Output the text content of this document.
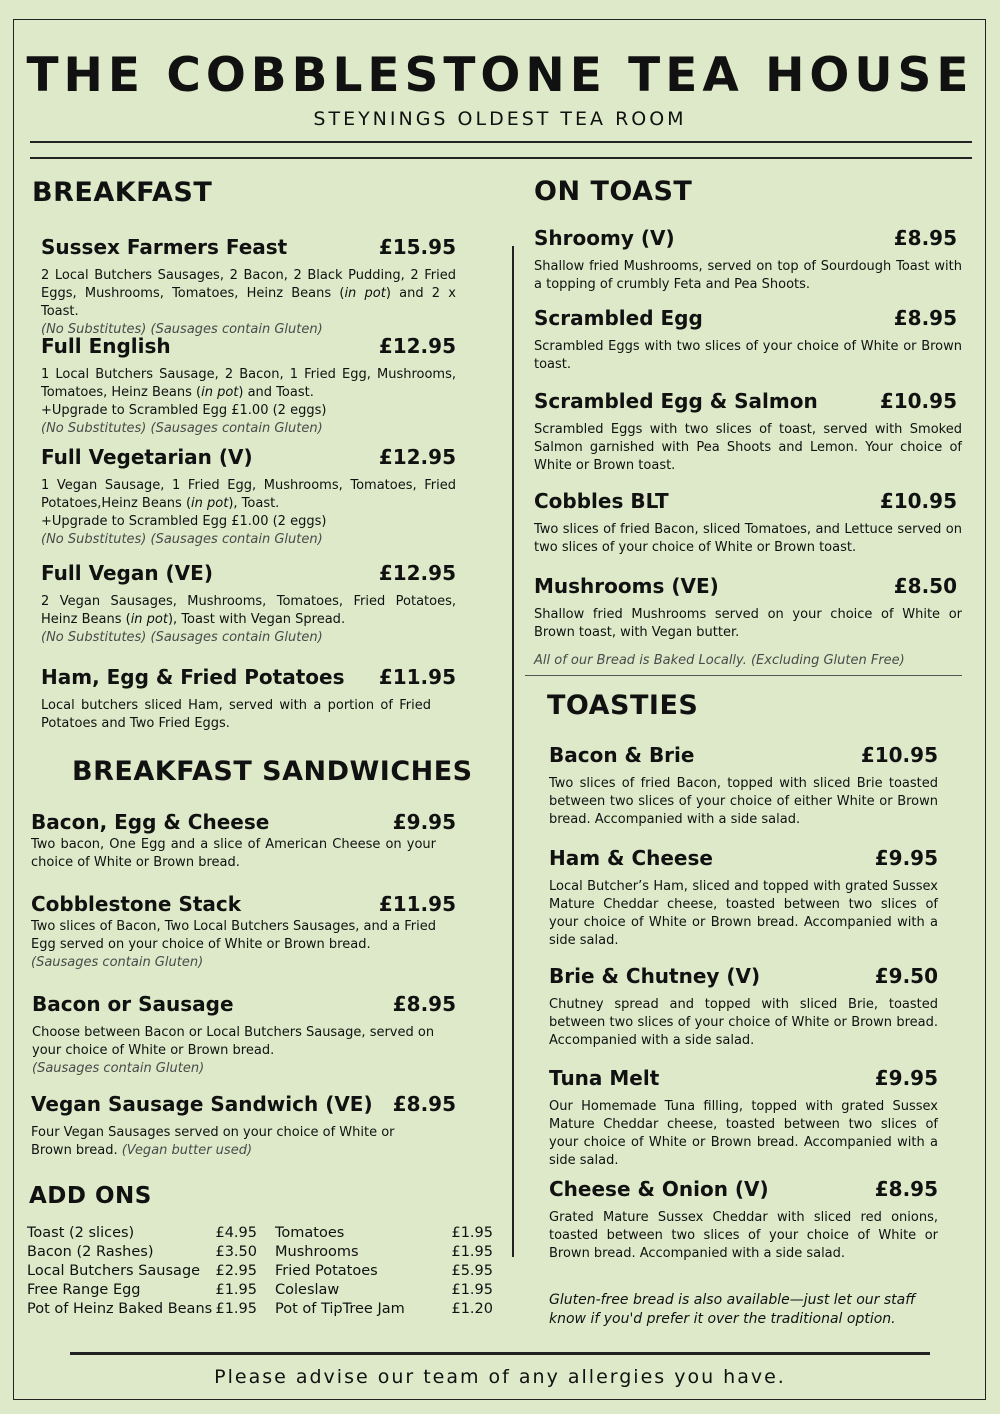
THE COBBLESTONE TEA HOUSE
STEYNINGS OLDEST TEA ROOM
BREAKFAST
Sussex Farmers Feast	£15.95
2 Local Butchers Sausages, 2 Bacon, 2 Black Pudding, 2 Fried Eggs, Mushrooms, Tomatoes, Heinz Beans (in pot) and 2 x Toast.
(No Substitutes) (Sausages contain Gluten)
Full English	£12.95
1 Local Butchers Sausage, 2 Bacon, 1 Fried Egg, Mushrooms, Tomatoes, Heinz Beans (in pot) and Toast.
+Upgrade to Scrambled Egg £1.00 (2 eggs)
(No Substitutes) (Sausages contain Gluten)
Full Vegetarian (V)	£12.95
1 Vegan Sausage, 1 Fried Egg, Mushrooms, Tomatoes, Fried Potatoes,Heinz Beans (in pot), Toast.
+Upgrade to Scrambled Egg £1.00 (2 eggs)
(No Substitutes) (Sausages contain Gluten)
Full Vegan (VE)	£12.95
2 Vegan Sausages, Mushrooms, Tomatoes, Fried Potatoes, Heinz Beans (in pot), Toast with Vegan Spread.
(No Substitutes) (Sausages contain Gluten)
Ham, Egg & Fried Potatoes £11.95
Local butchers sliced Ham, served with a portion of Fried Potatoes and Two Fried Eggs.
BREAKFAST SANDWICHES
Bacon, Egg & Cheese	£9.95
Two bacon, One Egg and a slice of American Cheese on your choice of White or Brown bread.
Cobblestone Stack	£11.95
Two slices of Bacon, Two Local Butchers Sausages, and a Fried Egg served on your choice of White or Brown bread.
(Sausages contain Gluten)
Bacon or Sausage	£8.95
Choose between Bacon or Local Butchers Sausage, served on your choice of White or Brown bread.
(Sausages contain Gluten)
Vegan Sausage Sandwich (VE) £8.95
Four Vegan Sausages served on your choice of White or Brown bread. (Vegan butter used)
ADD ONS
Toast (2 slices)	£4.95
Bacon (2 Rashes)	£3.50
Local Butchers Sausage £2.95
Free Range Egg	£1.95
Pot of Heinz Baked Beans £1.95
Tomatoes	£1.95
Mushrooms	£1.95
Fried Potatoes	£5.95
Coleslaw	£1.95
Pot of TipTree Jam	£1.20
ON TOAST
Shroomy (V)	£8.95
Shallow fried Mushrooms, served on top of Sourdough Toast with a topping of crumbly Feta and Pea Shoots.
Scrambled Egg	£8.95
Scrambled Eggs with two slices of your choice of White or Brown toast.
Scrambled Egg & Salmon	£10.95
Scrambled Eggs with two slices of toast, served with Smoked Salmon garnished with Pea Shoots and Lemon. Your choice of White or Brown toast.
Cobbles BLT	£10.95
Two slices of fried Bacon, sliced Tomatoes, and Lettuce served on two slices of your choice of White or Brown toast.
Mushrooms (VE)	£8.50
Shallow fried Mushrooms served on your choice of White or Brown toast, with Vegan butter.
All of our Bread is Baked Locally. (Excluding Gluten Free)
TOASTIES
Bacon & Brie	£10.95
Two slices of fried Bacon, topped with sliced Brie toasted between two slices of your choice of either White or Brown bread. Accompanied with a side salad.
Ham & Cheese	£9.95
Local Butcher’s Ham, sliced and topped with grated Sussex Mature Cheddar cheese, toasted between two slices of your choice of White or Brown bread. Accompanied with a side salad.
Brie & Chutney (V)	£9.50
Chutney spread and topped with sliced Brie, toasted between two slices of your choice of White or Brown bread. Accompanied with a side salad.
Tuna Melt	£9.95
Our Homemade Tuna filling, topped with grated Sussex Mature Cheddar cheese, toasted between two slices of your choice of White or Brown bread. Accompanied with a side salad.
Cheese & Onion (V)	£8.95
Grated Mature Sussex Cheddar with sliced red onions, toasted between two slices of your choice of White or Brown bread. Accompanied with a side salad.
Gluten-free bread is also available—just let our staff know if you'd prefer it over the traditional option.
Please advise our team of any allergies you have.
